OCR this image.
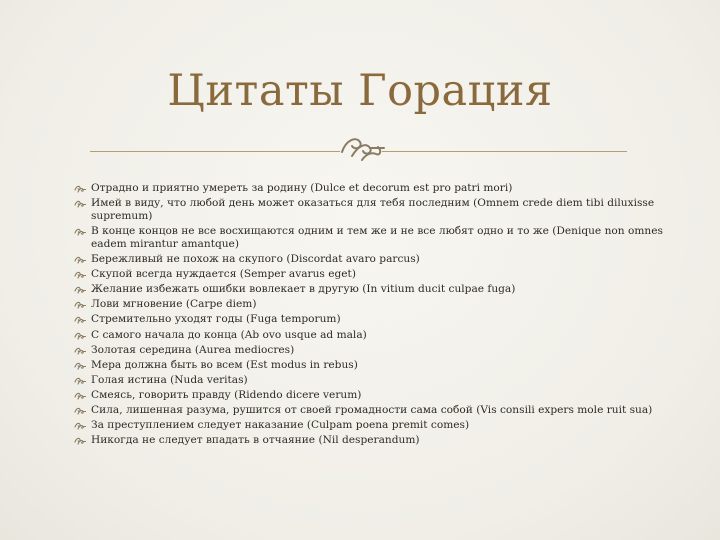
Цитаты Горация
Отрадно и приятно умереть за родину (Dulce et decorum est pro patri mori)
Имей в виду, что любой день может оказаться для тебя последним (Omnem crede diem tibi diluxisse supremum)
В конце концов не все восхищаются одним и тем же и не все любят одно и то же (Denique non omnes eadem mirantur amantque)
Бережливый не похож на скупого (Discordat avaro parcus)
Скупой всегда нуждается (Semper avarus eget)
Желание избежать ошибки вовлекает в другую (In vitium ducit culpae fuga)
Лови мгновение (Carpe diem)
Стремительно уходят годы (Fuga temporum)
С самого начала до конца (Ab ovo usque ad mala)
Золотая середина (Aurea mediocres)
Мера должна быть во всем (Est modus in rebus)
Голая истина (Nuda veritas)
Смеясь, говорить правду (Ridendo dicere verum)
Сила, лишенная разума, рушится от своей громадности сама собой (Vis consili expers mole ruit sua)
За преступлением следует наказание (Culpam poena premit comes)
Никогда не следует впадать в отчаяние (Nil desperandum)
